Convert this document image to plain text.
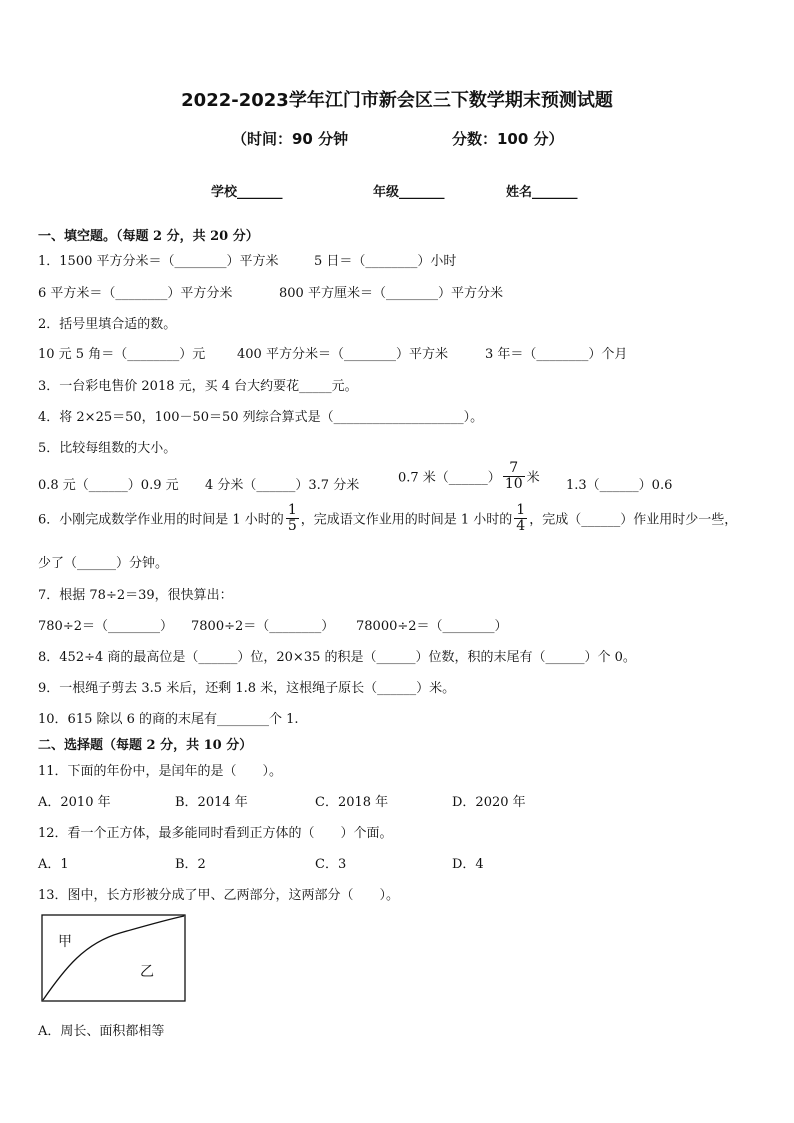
2022-2023学年江门市新会区三下数学期末预测试题
（时间：90 分钟	分数：100 分）
学校_______	年级_______	姓名_______
一、填空题。（每题 2 分，共 20 分）
1．1500 平方分米＝（________）平方米	5 日＝（________）小时
6 平方米＝（________）平方分米	800 平方厘米＝（________）平方分米
2．括号里填合适的数。
10 元 5 角＝（________）元 400 平方分米＝（________）平方米	3 年＝（________）个月
3．一台彩电售价 2018 元，买 4 台大约要花_____元。
4．将 2×25＝50，100－50＝50 列综合算式是（____________________）。
5．比较每组数的大小。
0.8 元（______）0.9 元 4 分米（______）3.7 分米	0.7 米（______） $\frac{7}{10}$ 米 1.3（______）0.6
6．小刚完成数学作业用的时间是 1 小时的 $\frac{1}{5}$ ，完成语文作业用的时间是 1 小时的 $\frac{1}{4}$ ，完成（______）作业用时少一些，
少了（______）分钟。
7．根据 78÷2＝39，很快算出：
780÷2＝（________） 7800÷2＝（________） 78000÷2＝（________）
8．452÷4 商的最高位是（______）位，20×35 的积是（______）位数，积的末尾有（______）个 0。
9．一根绳子剪去 3.5 米后，还剩 1.8 米，这根绳子原长（______）米。
10．615 除以 6 的商的末尾有________个 1.
二、选择题（每题 2 分，共 10 分）
11．下面的年份中，是闰年的是（　　）。
A．2010 年	B．2014 年	C．2018 年	D．2020 年
12．看一个正方体，最多能同时看到正方体的（　　）个面。
A．1	B．2	C．3	D．4
13．图中，长方形被分成了甲、乙两部分，这两部分（　　）。
甲
乙
A．周长、面积都相等
